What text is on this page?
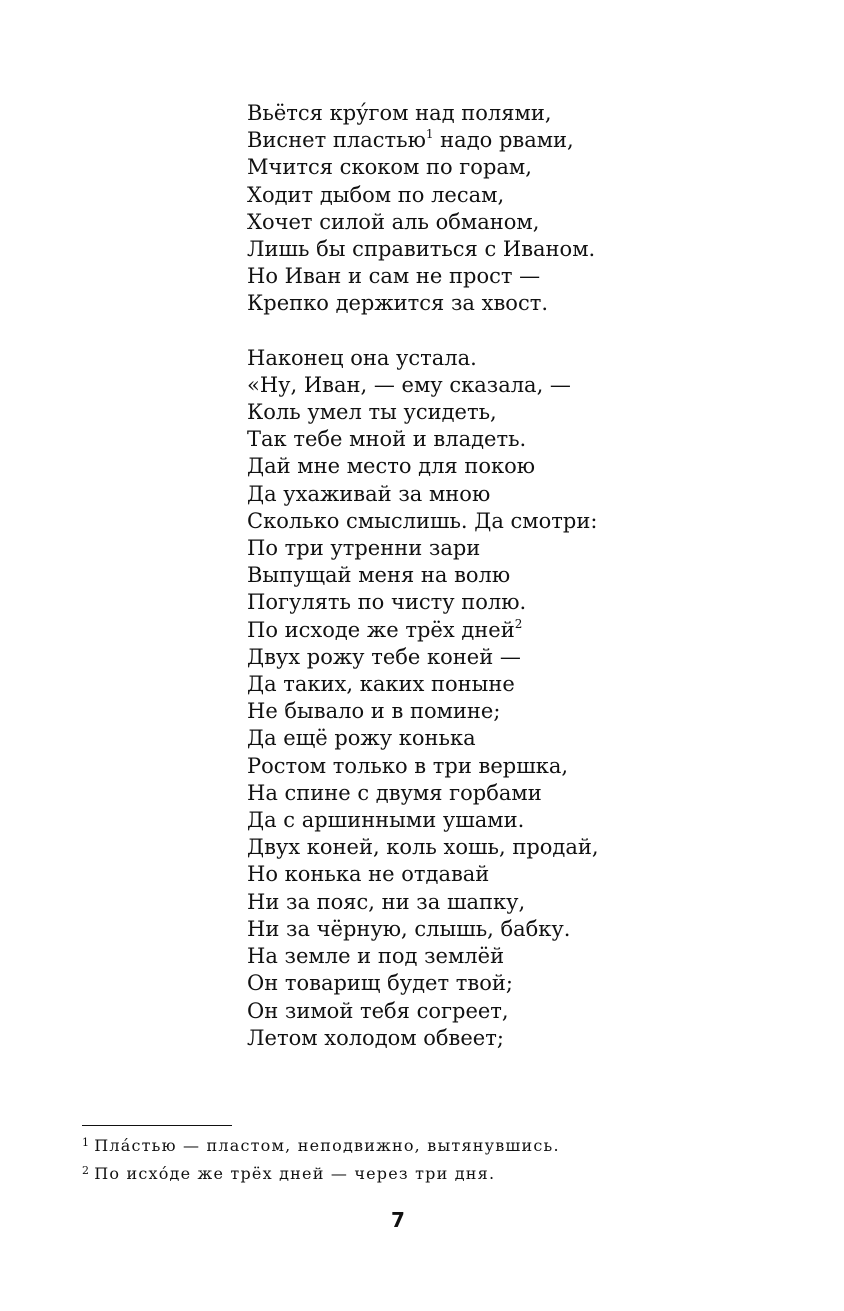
Вьётся кру́гом над полями,
Виснет пластью$^1$ надо рвами,
Мчится скоком по горам,
Ходит дыбом по лесам,
Хочет силой аль обманом,
Лишь бы справиться с Иваном.
Но Иван и сам не прост —
Крепко держится за хвост.
Наконец она устала.
«Ну, Иван, — ему сказала, —
Коль умел ты усидеть,
Так тебе мной и владеть.
Дай мне место для покою
Да ухаживай за мною
Сколько смыслишь. Да смотри:
По три утренни зари
Выпущай меня на волю
Погулять по чисту полю.
По исходе же трёх дней$^2$
Двух рожу тебе коней —
Да таких, каких поныне
Не бывало и в помине;
Да ещё рожу конька
Ростом только в три вершка,
На спине с двумя горбами
Да с аршинными ушами.
Двух коней, коль хошь, продай,
Но конька не отдавай
Ни за пояс, ни за шапку,
Ни за чёрную, слышь, бабку.
На земле и под землёй
Он товарищ будет твой;
Он зимой тебя согреет,
Летом холодом обвеет;
$^1$ Пла́стью — пластом, неподвижно, вытянувшись.
$^2$ По исхо́де же трёх дней — через три дня.
7
